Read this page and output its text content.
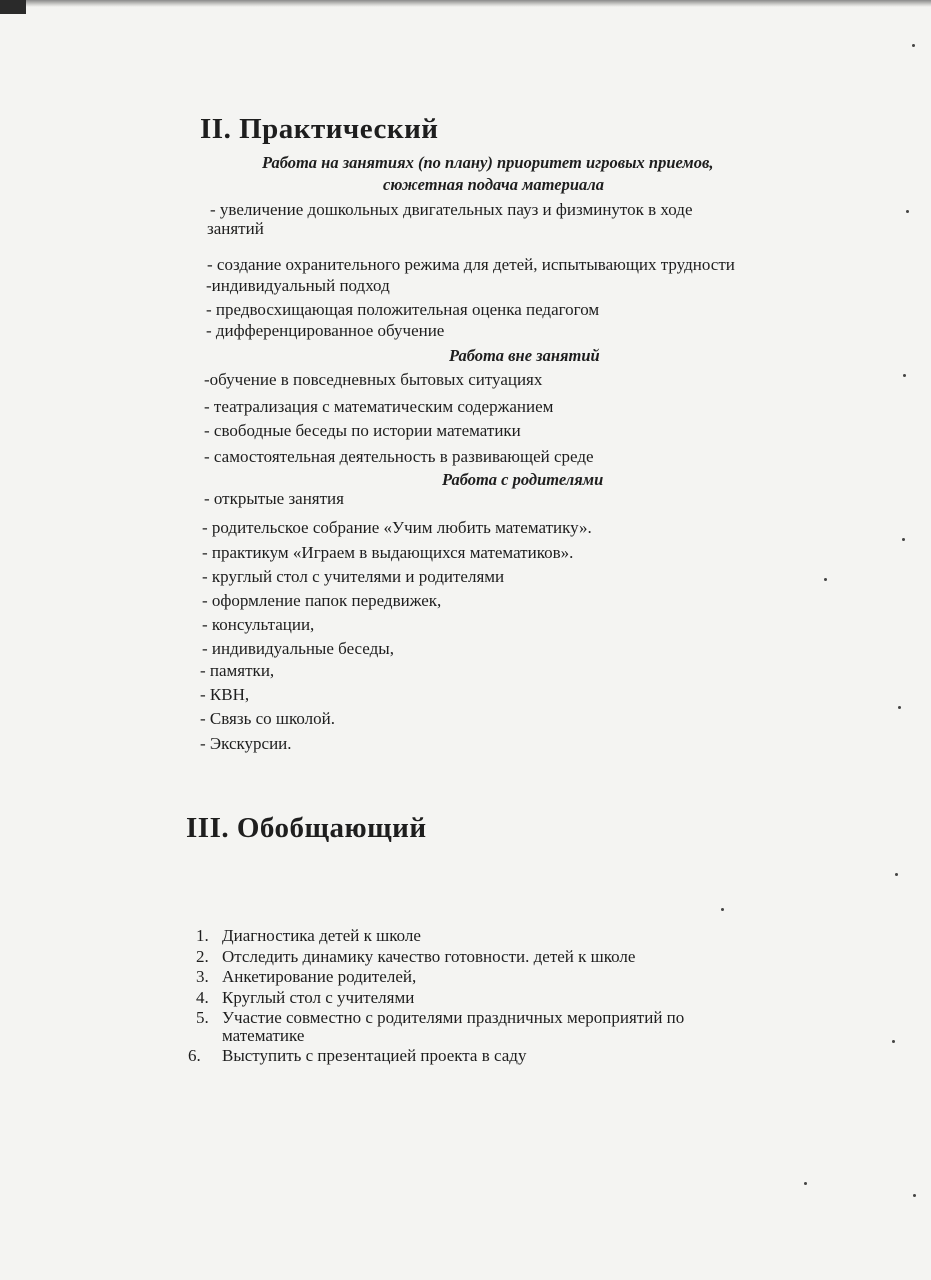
II. Практический
Работа на занятиях (по плану) приоритет игровых приемов,
сюжетная подача материала

- увеличение дошкольных двигательных пауз и физминуток в ходе

занятий

- создание охранительного режима для детей, испытывающих трудности

-индивидуальный подход

- предвосхищающая положительная оценка педагогом

- дифференцированное обучение

Работа вне занятий

-обучение в повседневных бытовых ситуациях

- театрализация с математическим содержанием

- свободные беседы по истории математики

- самостоятельная деятельность в развивающей среде

Работа с родителями

- открытые занятия

- родительское собрание «Учим любить математику».

- практикум «Играем в выдающихся математиков».

- круглый стол с учителями и родителями

- оформление папок передвижек,

- консультации,

- индивидуальные беседы,

- памятки,

- КВН,

- Связь со школой.

- Экскурсии.

III. Обобщающий
1. Диагностика детей к школе
2. Отследить динамику качество готовности. детей к школе
3. Анкетирование родителей,
4. Круглый стол с учителями
5. Участие совместно с родителями праздничных мероприятий по
математике
6. Выступить с презентацией проекта в саду
